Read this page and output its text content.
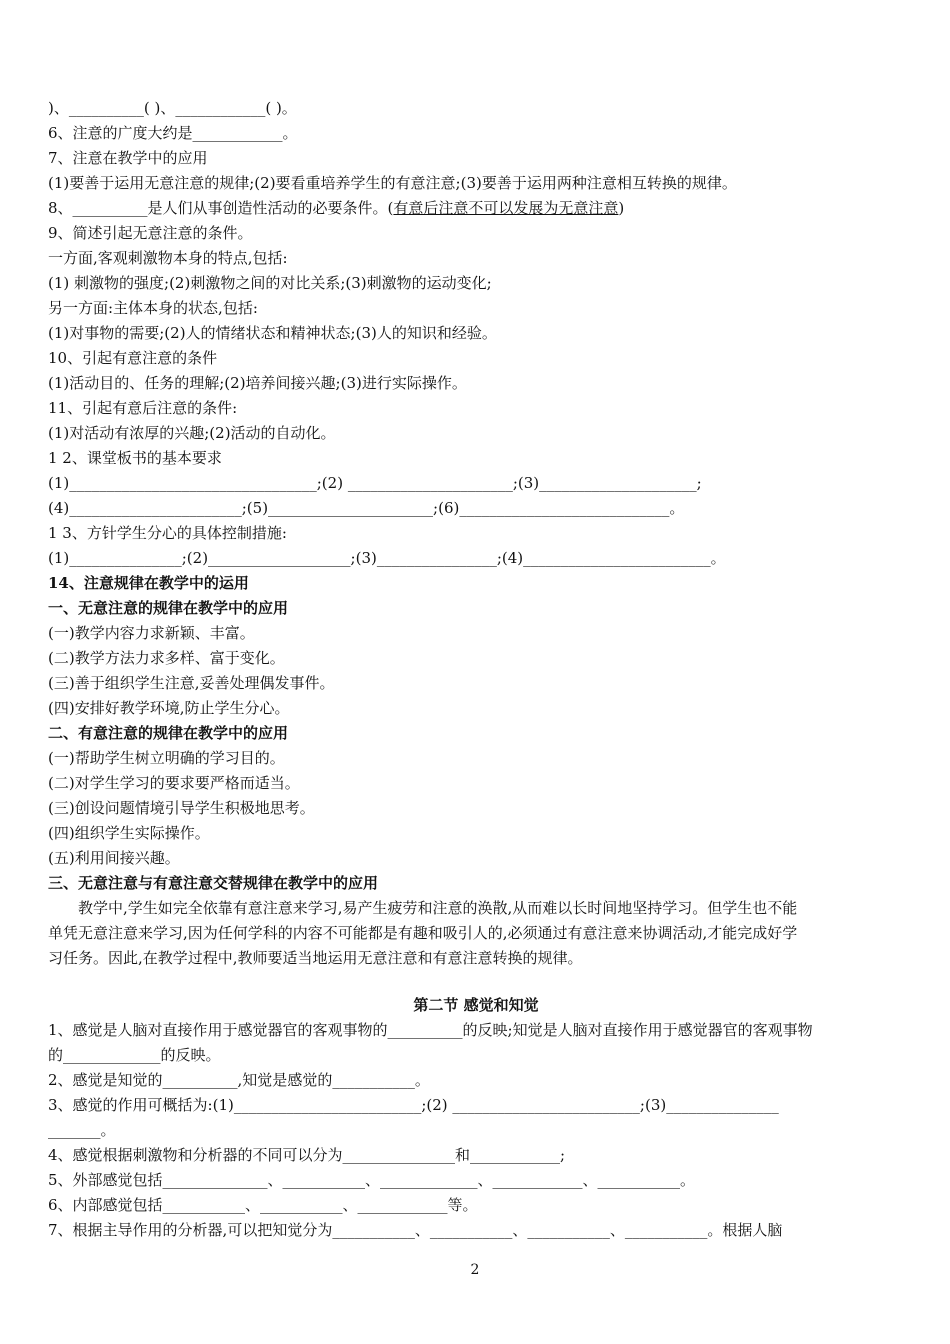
)、__________( )、____________( )。
6、注意的广度大约是____________。
7、注意在教学中的应用
(1)要善于运用无意注意的规律;(2)要看重培养学生的有意注意;(3)要善于运用两种注意相互转换的规律。
8、__________是人们从事创造性活动的必要条件。(有意后注意不可以发展为无意注意)
9、简述引起无意注意的条件。
一方面,客观刺激物本身的特点,包括:
(1) 刺激物的强度;(2)刺激物之间的对比关系;(3)刺激物的运动变化;
另一方面:主体本身的状态,包括:
(1)对事物的需要;(2)人的情绪状态和精神状态;(3)人的知识和经验。
10、引起有意注意的条件
(1)活动目的、任务的理解;(2)培养间接兴趣;(3)进行实际操作。
11、引起有意后注意的条件:
(1)对活动有浓厚的兴趣;(2)活动的自动化。
1 2、课堂板书的基本要求
(1)_________________________________;(2) ______________________;(3)_____________________;
(4)_______________________;(5)______________________;(6)____________________________。
1 3、方针学生分心的具体控制措施:
(1)_______________;(2)___________________;(3)________________;(4)_________________________。
14、注意规律在教学中的运用
一、无意注意的规律在教学中的应用
(一)教学内容力求新颖、丰富。
(二)教学方法力求多样、富于变化。
(三)善于组织学生注意,妥善处理偶发事件。
(四)安排好教学环境,防止学生分心。
二、有意注意的规律在教学中的应用
(一)帮助学生树立明确的学习目的。
(二)对学生学习的要求要严格而适当。
(三)创设问题情境引导学生积极地思考。
(四)组织学生实际操作。
(五)利用间接兴趣。
三、无意注意与有意注意交替规律在教学中的应用
教学中,学生如完全依靠有意注意来学习,易产生疲劳和注意的涣散,从而难以长时间地坚持学习。但学生也不能
单凭无意注意来学习,因为任何学科的内容不可能都是有趣和吸引人的,必须通过有意注意来协调活动,才能完成好学
习任务。因此,在教学过程中,教师要适当地运用无意注意和有意注意转换的规律。
第二节 感觉和知觉
1、感觉是人脑对直接作用于感觉器官的客观事物的__________的反映;知觉是人脑对直接作用于感觉器官的客观事物
的_____________的反映。
2、感觉是知觉的__________,知觉是感觉的___________。
3、感觉的作用可概括为:(1)_________________________;(2) _________________________;(3)_______________
_______。
4、感觉根据刺激物和分析器的不同可以分为_______________和____________;
5、外部感觉包括______________、___________、_____________、____________、___________。
6、内部感觉包括___________、___________、____________等。
7、根据主导作用的分析器,可以把知觉分为___________、___________、___________、___________。根据人脑
2
